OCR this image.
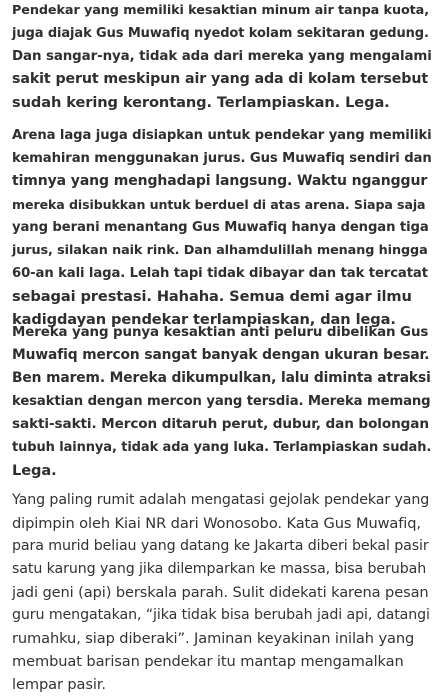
Pendekar yang memiliki kesaktian minum air tanpa kuota,
juga diajak Gus Muwafiq nyedot kolam sekitaran gedung.
Dan sangar-nya, tidak ada dari mereka yang mengalami
sakit perut meskipun air yang ada di kolam tersebut
sudah kering kerontang. Terlampiaskan. Lega.

Arena laga juga disiapkan untuk pendekar yang memiliki
kemahiran menggunakan jurus. Gus Muwafiq sendiri dan
timnya yang menghadapi langsung. Waktu nganggur
mereka disibukkan untuk berduel di atas arena. Siapa saja
yang berani menantang Gus Muwafiq hanya dengan tiga
jurus, silakan naik rink. Dan alhamdulillah menang hingga
60-an kali laga. Lelah tapi tidak dibayar dan tak tercatat
sebagai prestasi. Hahaha. Semua demi agar ilmu
kadigdayan pendekar terlampiaskan, dan lega.

Mereka yang punya kesaktian anti peluru dibelikan Gus
Muwafiq mercon sangat banyak dengan ukuran besar.
Ben marem. Mereka dikumpulkan, lalu diminta atraksi
kesaktian dengan mercon yang tersdia. Mereka memang
sakti-sakti. Mercon ditaruh perut, dubur, dan bolongan
tubuh lainnya, tidak ada yang luka. Terlampiaskan sudah.
Lega.

Yang paling rumit adalah mengatasi gejolak pendekar yang
dipimpin oleh Kiai NR dari Wonosobo. Kata Gus Muwafiq,
para murid beliau yang datang ke Jakarta diberi bekal pasir
satu karung yang jika dilemparkan ke massa, bisa berubah
jadi geni (api) berskala parah. Sulit didekati karena pesan
guru mengatakan, “jika tidak bisa berubah jadi api, datangi
rumahku, siap diberaki”. Jaminan keyakinan inilah yang
membuat barisan pendekar itu mantap mengamalkan
lempar pasir.
